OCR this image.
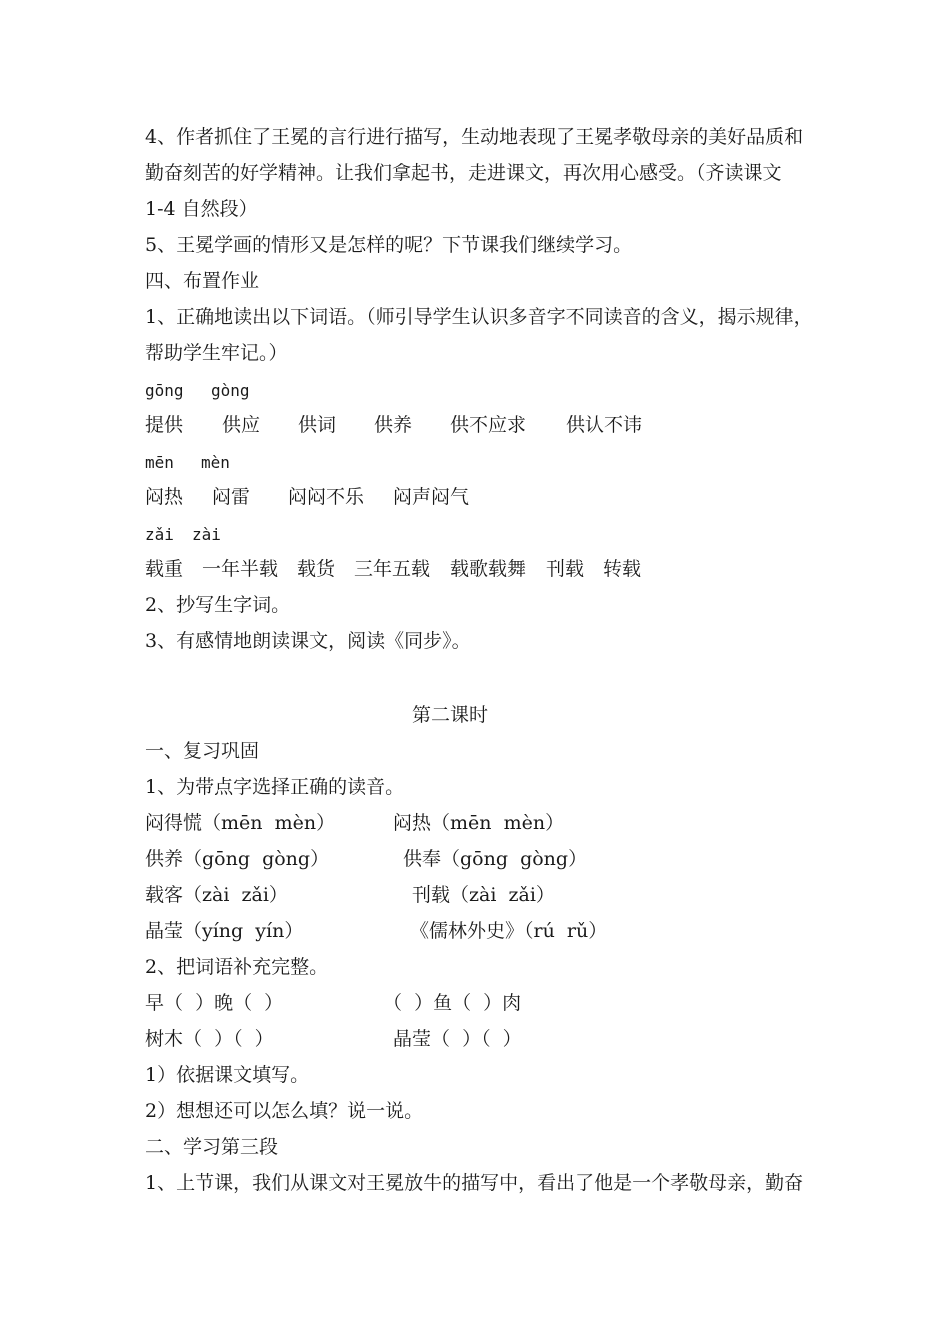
4、作者抓住了王冕的言行进行描写，生动地表现了王冕孝敬母亲的美好品质和
勤奋刻苦的好学精神。让我们拿起书，走进课文，再次用心感受。（齐读课文
1-4 自然段）
5、王冕学画的情形又是怎样的呢？下节课我们继续学习。
四、布置作业
1、正确地读出以下词语。（师引导学生认识多音字不同读音的含义，揭示规律，
帮助学生牢记。）
gōng gòng
提供 供应 供词 供养 供不应求 供认不讳
mēn mèn
闷热 闷雷 闷闷不乐 闷声闷气
zǎi zài
载重 一年半载 载货 三年五载 载歌载舞 刊载 转载
2、抄写生字词。
3、有感情地朗读课文，阅读《同步》。
第二课时
一、复习巩固
1、为带点字选择正确的读音。
闷得慌（mēn  mèn）	闷热（mēn  mèn）
供养（gōng  gòng）	供奉（gōng  gòng）
载客（zài  zǎi）	刊载（zài  zǎi）
晶莹（yíng  yín）	《儒林外史》（rú  rǔ）
2、把词语补充完整。
早（  ）晚（  ）	（  ）鱼（  ）肉
树木（  ）（  ）	晶莹（  ）（  ）
1）依据课文填写。
2）想想还可以怎么填？说一说。
二、学习第三段
1、上节课，我们从课文对王冕放牛的描写中，看出了他是一个孝敬母亲，勤奋
